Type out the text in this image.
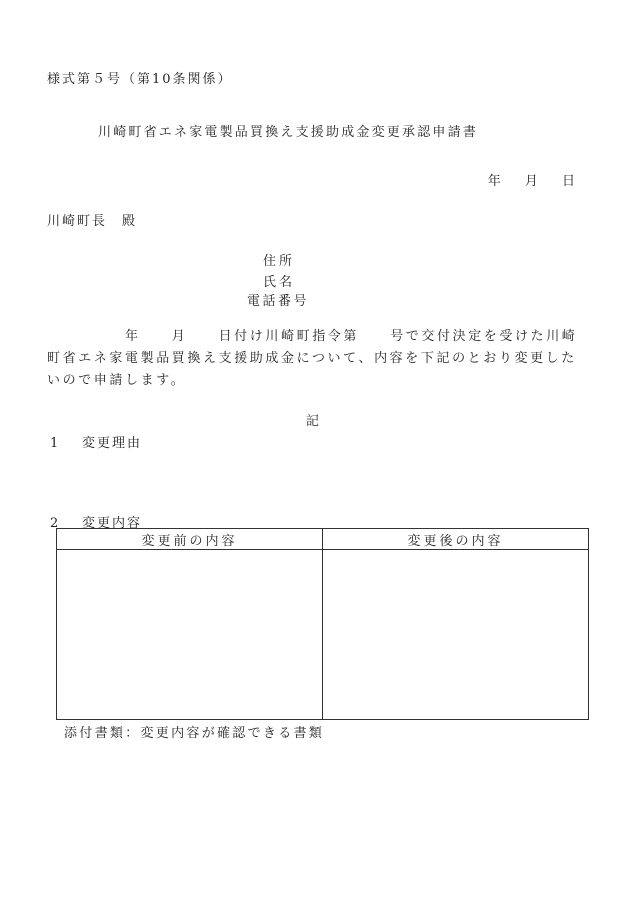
様式第５号（第10条関係）
川崎町省エネ家電製品買換え支援助成金変更承認申請書
年 月 日
川崎町長　殿
住所
氏名
電話番号
　　　　　年　　月　　日付け川崎町指令第　　号で交付決定を受けた川崎町省エネ家電製品買換え支援助成金について、内容を下記のとおり変更したいので申請します。
記
1 変更理由
2 変更内容
変更前の内容	変更後の内容

添付書類：変更内容が確認できる書類
